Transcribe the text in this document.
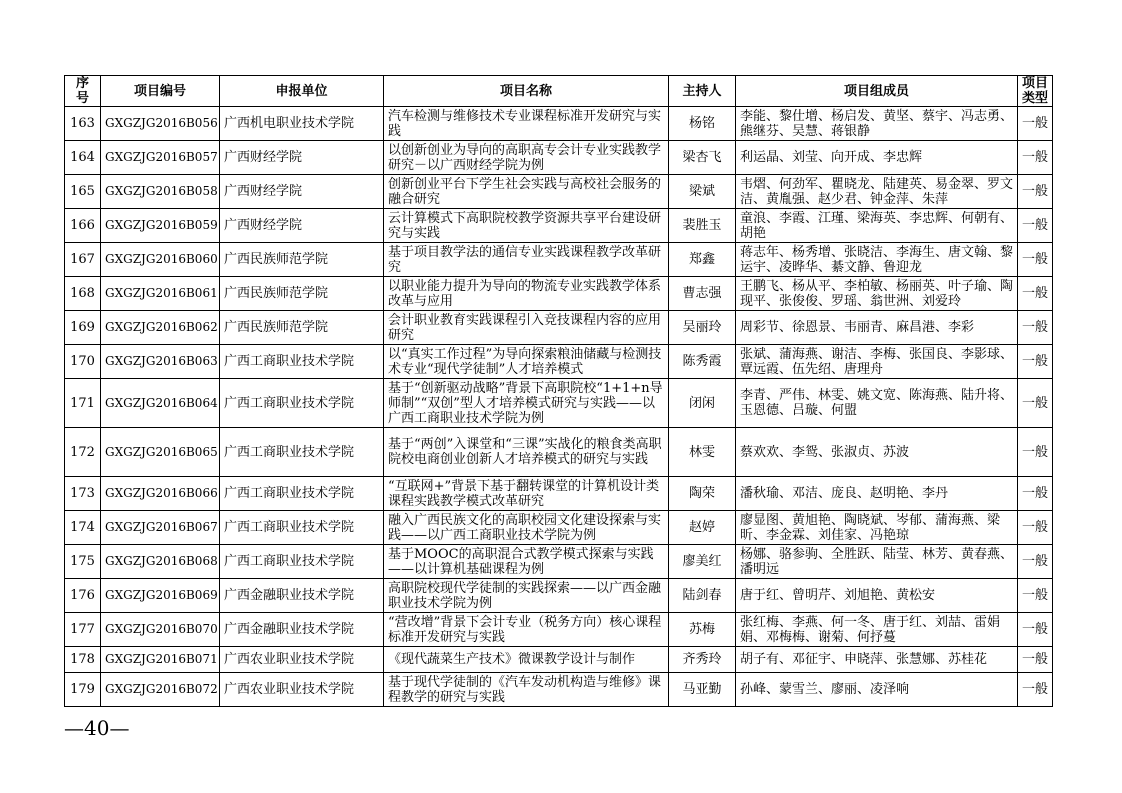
序号	项目编号	申报单位	项目名称	主持人	项目组成员	项目类型
163	GXGZJG2016B056	广西机电职业技术学院	汽车检测与维修技术专业课程标准开发研究与实践	杨铭	李能、黎仕增、杨启发、黄坚、蔡宇、冯志勇、熊继芬、吴慧、蒋银静	一般
164	GXGZJG2016B057	广西财经学院	以创新创业为导向的高职高专会计专业实践教学研究－以广西财经学院为例	梁杏飞	利运晶、刘莹、向开成、李忠辉	一般
165	GXGZJG2016B058	广西财经学院	创新创业平台下学生社会实践与高校社会服务的融合研究	梁斌	韦熠、何劲军、瞿晓龙、陆建英、易金翠、罗文洁、黄胤强、赵少君、钟金萍、朱萍	一般
166	GXGZJG2016B059	广西财经学院	云计算模式下高职院校教学资源共享平台建设研究与实践	裴胜玉	童浪、李霞、江瑾、梁海英、李忠辉、何朝有、胡艳	一般
167	GXGZJG2016B060	广西民族师范学院	基于项目教学法的通信专业实践课程教学改革研究	郑鑫	蒋志年、杨秀增、张晓洁、李海生、唐文翰、黎运宇、凌晔华、綦文静、鲁迎龙	一般
168	GXGZJG2016B061	广西民族师范学院	以职业能力提升为导向的物流专业实践教学体系改革与应用	曹志强	王鹏飞、杨从平、李柏敏、杨丽英、叶子瑜、陶现平、张俊俊、罗瑶、翁世洲、刘爱玲	一般
169	GXGZJG2016B062	广西民族师范学院	会计职业教育实践课程引入竞技课程内容的应用研究	吴丽玲	周彩节、徐恩景、韦丽青、麻昌港、李彩	一般
170	GXGZJG2016B063	广西工商职业技术学院	以“真实工作过程”为导向探索粮油储藏与检测技术专业“现代学徒制”人才培养模式	陈秀霞	张斌、蒲海燕、谢洁、李梅、张国良、李影球、覃远霞、伍先绍、唐理舟	一般
171	GXGZJG2016B064	广西工商职业技术学院	基于“创新驱动战略”背景下高职院校“1+1+n导师制”“双创”型人才培养模式研究与实践——以广西工商职业技术学院为例	闭闲	李青、严伟、林雯、姚文宽、陈海燕、陆升将、玉恩德、吕璇、何盟	一般
172	GXGZJG2016B065	广西工商职业技术学院	基于“两创”入课堂和“三课”实战化的粮食类高职院校电商创业创新人才培养模式的研究与实践	林雯	蔡欢欢、李鸳、张淑贞、苏波	一般
173	GXGZJG2016B066	广西工商职业技术学院	“互联网+”背景下基于翻转课堂的计算机设计类课程实践教学模式改革研究	陶荣	潘秋瑜、邓洁、庞良、赵明艳、李丹	一般
174	GXGZJG2016B067	广西工商职业技术学院	融入广西民族文化的高职校园文化建设探索与实践——以广西工商职业技术学院为例	赵婷	廖显图、黄旭艳、陶晓斌、岑郁、蒲海燕、梁昕、李金霖、刘佳家、冯艳琼	一般
175	GXGZJG2016B068	广西工商职业技术学院	基于MOOC的高职混合式教学模式探索与实践——以计算机基础课程为例	廖美红	杨娜、骆参驹、全胜跃、陆莹、林芳、黄春燕、潘明远	一般
176	GXGZJG2016B069	广西金融职业技术学院	高职院校现代学徒制的实践探索——以广西金融职业技术学院为例	陆剑春	唐于红、曾明芹、刘旭艳、黄松安	一般
177	GXGZJG2016B070	广西金融职业技术学院	“营改增”背景下会计专业（税务方向）核心课程标准开发研究与实践	苏梅	张红梅、李燕、何一冬、唐于红、刘喆、雷娟娟、邓梅梅、谢菊、何抒蔓	一般
178	GXGZJG2016B071	广西农业职业技术学院	《现代蔬菜生产技术》微课教学设计与制作	齐秀玲	胡子有、邓征宇、申晓萍、张慧娜、苏桂花	一般
179	GXGZJG2016B072	广西农业职业技术学院	基于现代学徒制的《汽车发动机构造与维修》课程教学的研究与实践	马亚勤	孙峰、蒙雪兰、廖丽、凌泽响	一般
—40—
